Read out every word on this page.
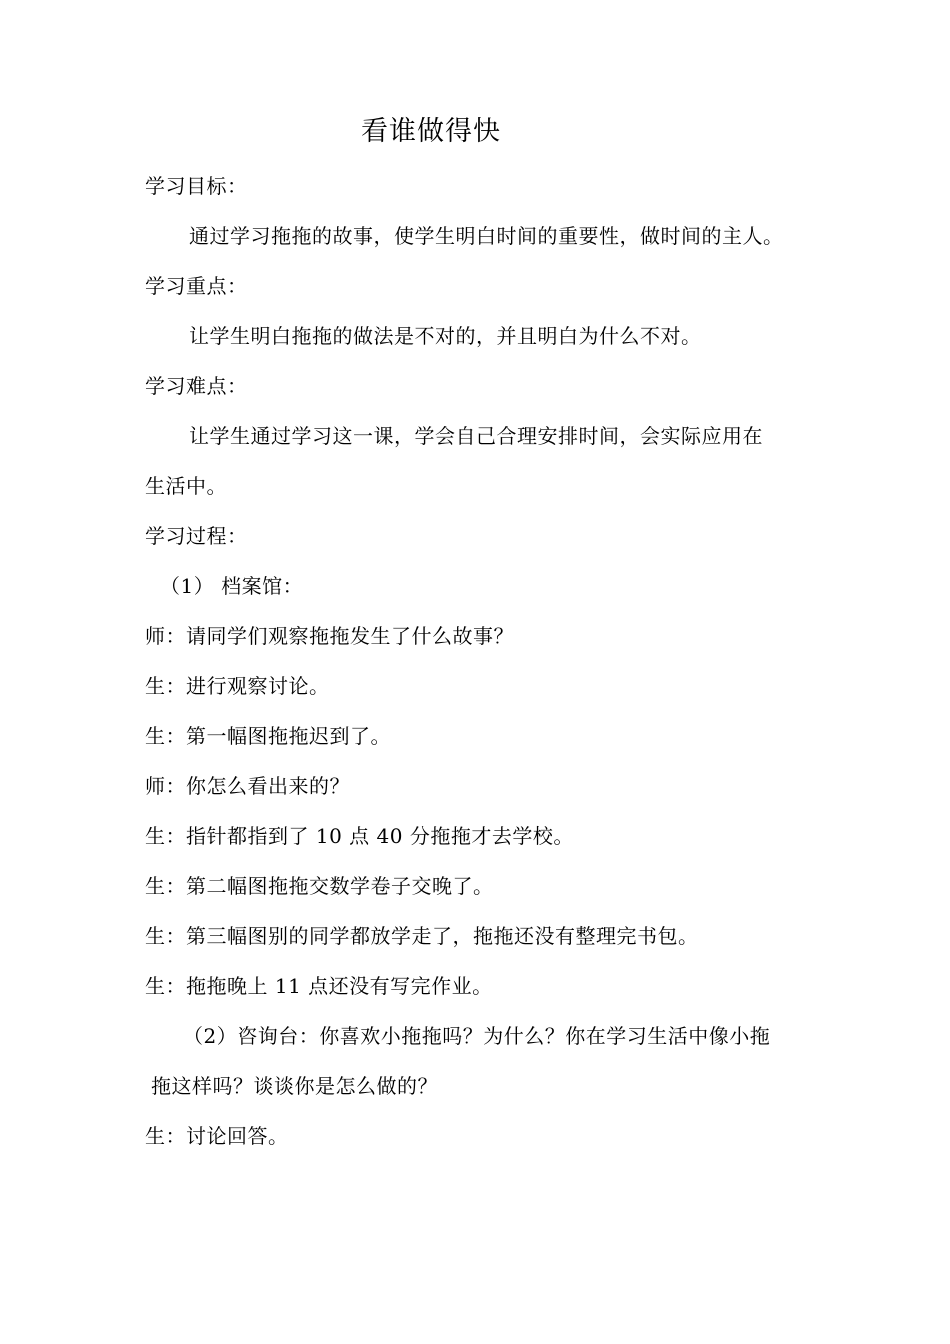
看谁做得快
学习目标：
通过学习拖拖的故事，使学生明白时间的重要性，做时间的主人。
学习重点：
让学生明白拖拖的做法是不对的，并且明白为什么不对。
学习难点：
让学生通过学习这一课，学会自己合理安排时间，会实际应用在
生活中。
学习过程：
（1） 档案馆：
师：请同学们观察拖拖发生了什么故事？
生：进行观察讨论。
生：第一幅图拖拖迟到了。
师：你怎么看出来的？
生：指针都指到了 10 点 40 分拖拖才去学校。
生：第二幅图拖拖交数学卷子交晚了。
生：第三幅图别的同学都放学走了，拖拖还没有整理完书包。
生：拖拖晚上 11 点还没有写完作业。
（2）咨询台：你喜欢小拖拖吗？为什么？你在学习生活中像小拖
拖这样吗？谈谈你是怎么做的？
生：讨论回答。
